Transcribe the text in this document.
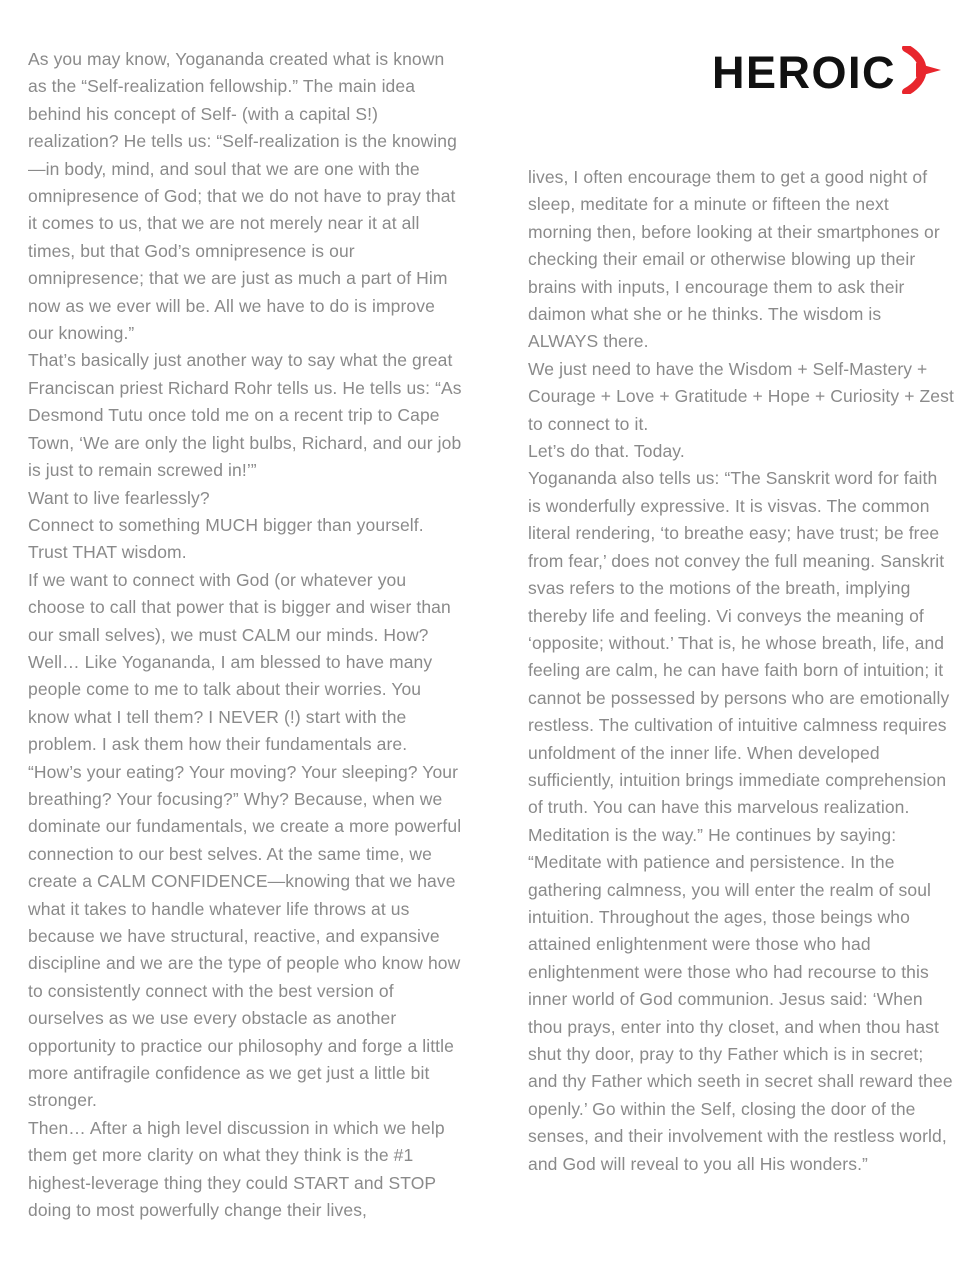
As you may know, Yogananda created what is known as the “Self-realization fellowship.” The main idea behind his concept of Self- (with a capital S!) realization? He tells us: “Self-realization is the knowing—in body, mind, and soul that we are one with the omnipresence of God; that we do not have to pray that it comes to us, that we are not merely near it at all times, but that God’s omnipresence is our omnipresence; that we are just as much a part of Him now as we ever will be. All we have to do is improve our knowing.”

That’s basically just another way to say what the great Franciscan priest Richard Rohr tells us. He tells us: “As Desmond Tutu once told me on a recent trip to Cape Town, ‘We are only the light bulbs, Richard, and our job is just to remain screwed in!’”

Want to live fearlessly?

Connect to something MUCH bigger than yourself. Trust THAT wisdom.

If we want to connect with God (or whatever you choose to call that power that is bigger and wiser than our small selves), we must CALM our minds. How? Well… Like Yogananda, I am blessed to have many people come to me to talk about their worries. You know what I tell them? I NEVER (!) start with the problem. I ask them how their fundamentals are. “How’s your eating? Your moving? Your sleeping? Your breathing? Your focusing?” Why? Because, when we dominate our fundamentals, we create a more powerful connection to our best selves. At the same time, we create a CALM CONFIDENCE—knowing that we have what it takes to handle whatever life throws at us because we have structural, reactive, and expansive discipline and we are the type of people who know how to consistently connect with the best version of ourselves as we use every obstacle as another opportunity to practice our philosophy and forge a little more antifragile confidence as we get just a little bit stronger.

Then… After a high level discussion in which we help them get more clarity on what they think is the #1 highest-leverage thing they could START and STOP doing to most powerfully change their lives,

HEROIC

lives, I often encourage them to get a good night of sleep, meditate for a minute or fifteen the next morning then, before looking at their smartphones or checking their email or otherwise blowing up their brains with inputs, I encourage them to ask their daimon what she or he thinks. The wisdom is ALWAYS there.

We just need to have the Wisdom + Self-Mastery + Courage + Love + Gratitude + Hope + Curiosity + Zest to connect to it.

Let’s do that. Today.

Yogananda also tells us: “The Sanskrit word for faith is wonderfully expressive. It is visvas. The common literal rendering, ‘to breathe easy; have trust; be free from fear,’ does not convey the full meaning. Sanskrit svas refers to the motions of the breath, implying thereby life and feeling. Vi conveys the meaning of ‘opposite; without.’ That is, he whose breath, life, and feeling are calm, he can have faith born of intuition; it cannot be possessed by persons who are emotionally restless. The cultivation of intuitive calmness requires unfoldment of the inner life. When developed sufficiently, intuition brings immediate comprehension of truth. You can have this marvelous realization. Meditation is the way.” He continues by saying: “Meditate with patience and persistence. In the gathering calmness, you will enter the realm of soul intuition. Throughout the ages, those beings who attained enlightenment were those who had

enlightenment were those who had recourse to this inner world of God communion. Jesus said: ‘When thou prays, enter into thy closet, and when thou hast shut thy door, pray to thy Father which is in secret; and thy Father which seeth in secret shall reward thee openly.’ Go within the Self, closing the door of the senses, and their involvement with the restless world, and God will reveal to you all His wonders.”
